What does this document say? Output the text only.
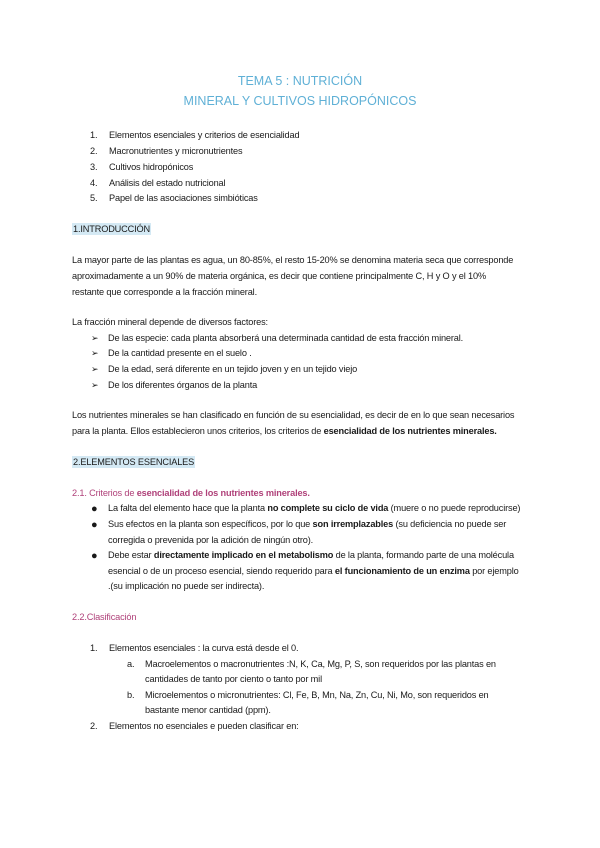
TEMA 5 : NUTRICIÓN
MINERAL Y CULTIVOS HIDROPÓNICOS
1.	Elementos esenciales y criterios de esencialidad
2.	Macronutrientes y micronutrientes
3.	Cultivos hidropónicos
4.	Análisis del estado nutricional
5.	Papel de las asociaciones simbióticas
1.INTRODUCCIÓN
La mayor parte de las plantas es agua, un 80-85%, el resto 15-20% se denomina materia seca que corresponde
aproximadamente a un 90% de materia orgánica, es decir que contiene principalmente C, H y O y el 10%
restante que corresponde a la fracción mineral.
La fracción mineral depende de diversos factores:
➢ De las especie: cada planta absorberá una determinada cantidad de esta fracción mineral.
➢ De la cantidad presente en el suelo .
➢ De la edad, será diferente en un tejido joven y en un tejido viejo
➢ De los diferentes órganos de la planta
Los nutrientes minerales se han clasificado en función de su esencialidad, es decir de en lo que sean necesarios
para la planta. Ellos establecieron unos criterios, los criterios de esencialidad de los nutrientes minerales.
2.ELEMENTOS ESENCIALES
2.1. Criterios de esencialidad de los nutrientes minerales.
● La falta del elemento hace que la planta no complete su ciclo de vida (muere o no puede reproducirse)
● Sus efectos en la planta son específicos, por lo que son irremplazables (su deficiencia no puede ser
corregida o prevenida por la adición de ningún otro).
● Debe estar directamente implicado en el metabolismo de la planta, formando parte de una molécula
esencial o de un proceso esencial, siendo requerido para el funcionamiento de un enzima por ejemplo
.(su implicación no puede ser indirecta).
2.2.Clasificación
1.	Elementos esenciales : la curva está desde el 0.
a.	Macroelementos o macronutrientes :N, K, Ca, Mg, P, S, son requeridos por las plantas en
cantidades de tanto por ciento o tanto por mil
b.	Microelementos o micronutrientes: Cl, Fe, B, Mn, Na, Zn, Cu, Ni, Mo, son requeridos en
bastante menor cantidad (ppm).
2.	Elementos no esenciales e pueden clasificar en:
